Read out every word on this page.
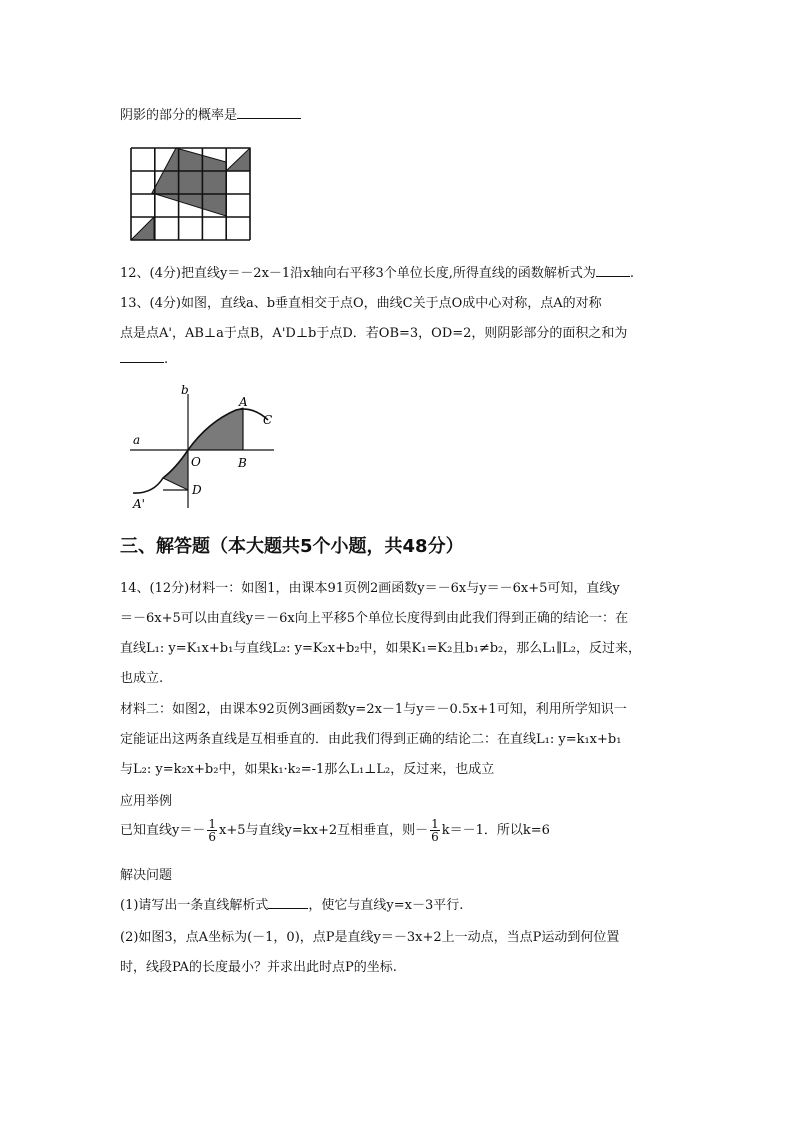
阴影的部分的概率是
12、(4分)把直线y＝－2x－1沿x轴向右平移3个单位长度,所得直线的函数解析式为	.
13、(4分)如图，直线a、b垂直相交于点O，曲线C关于点O成中心对称，点A的对称
点是点A'，AB⊥a于点B，A'D⊥b于点D．若OB=3，OD=2，则阴影部分的面积之和为
.
b
A
C
a
O	B
D
A'
三、解答题（本大题共5个小题，共48分）
14、(12分)材料一：如图1，由课本91页例2画函数y＝－6x与y＝－6x+5可知，直线y
＝－6x+5可以由直线y＝－6x向上平移5个单位长度得到由此我们得到正确的结论一：在
直线L₁: y=K₁x+b₁与直线L₂: y=K₂x+b₂中，如果K₁=K₂且b₁≠b₂，那么L₁∥L₂，反过来，
也成立.
材料二：如图2，由课本92页例3画函数y=2x－1与y＝－0.5x+1可知，利用所学知识一
定能证出这两条直线是互相垂直的．由此我们得到正确的结论二：在直线L₁: y=k₁x+b₁
与L₂: y=k₂x+b₂中，如果k₁·k₂=-1那么L₁⊥L₂，反过来，也成立
应用举例
已知直线$y=- \frac{1}{6} x+5$与直线y=kx+2互相垂直，则－ $\frac{1}{6} k=-1$．所以k=6
解决问题
(1)请写出一条直线解析式	，使它与直线y=x－3平行.
(2)如图3，点A坐标为(－1，0)，点P是直线y＝－3x+2上一动点，当点P运动到何位置
时，线段PA的长度最小？并求出此时点P的坐标.
